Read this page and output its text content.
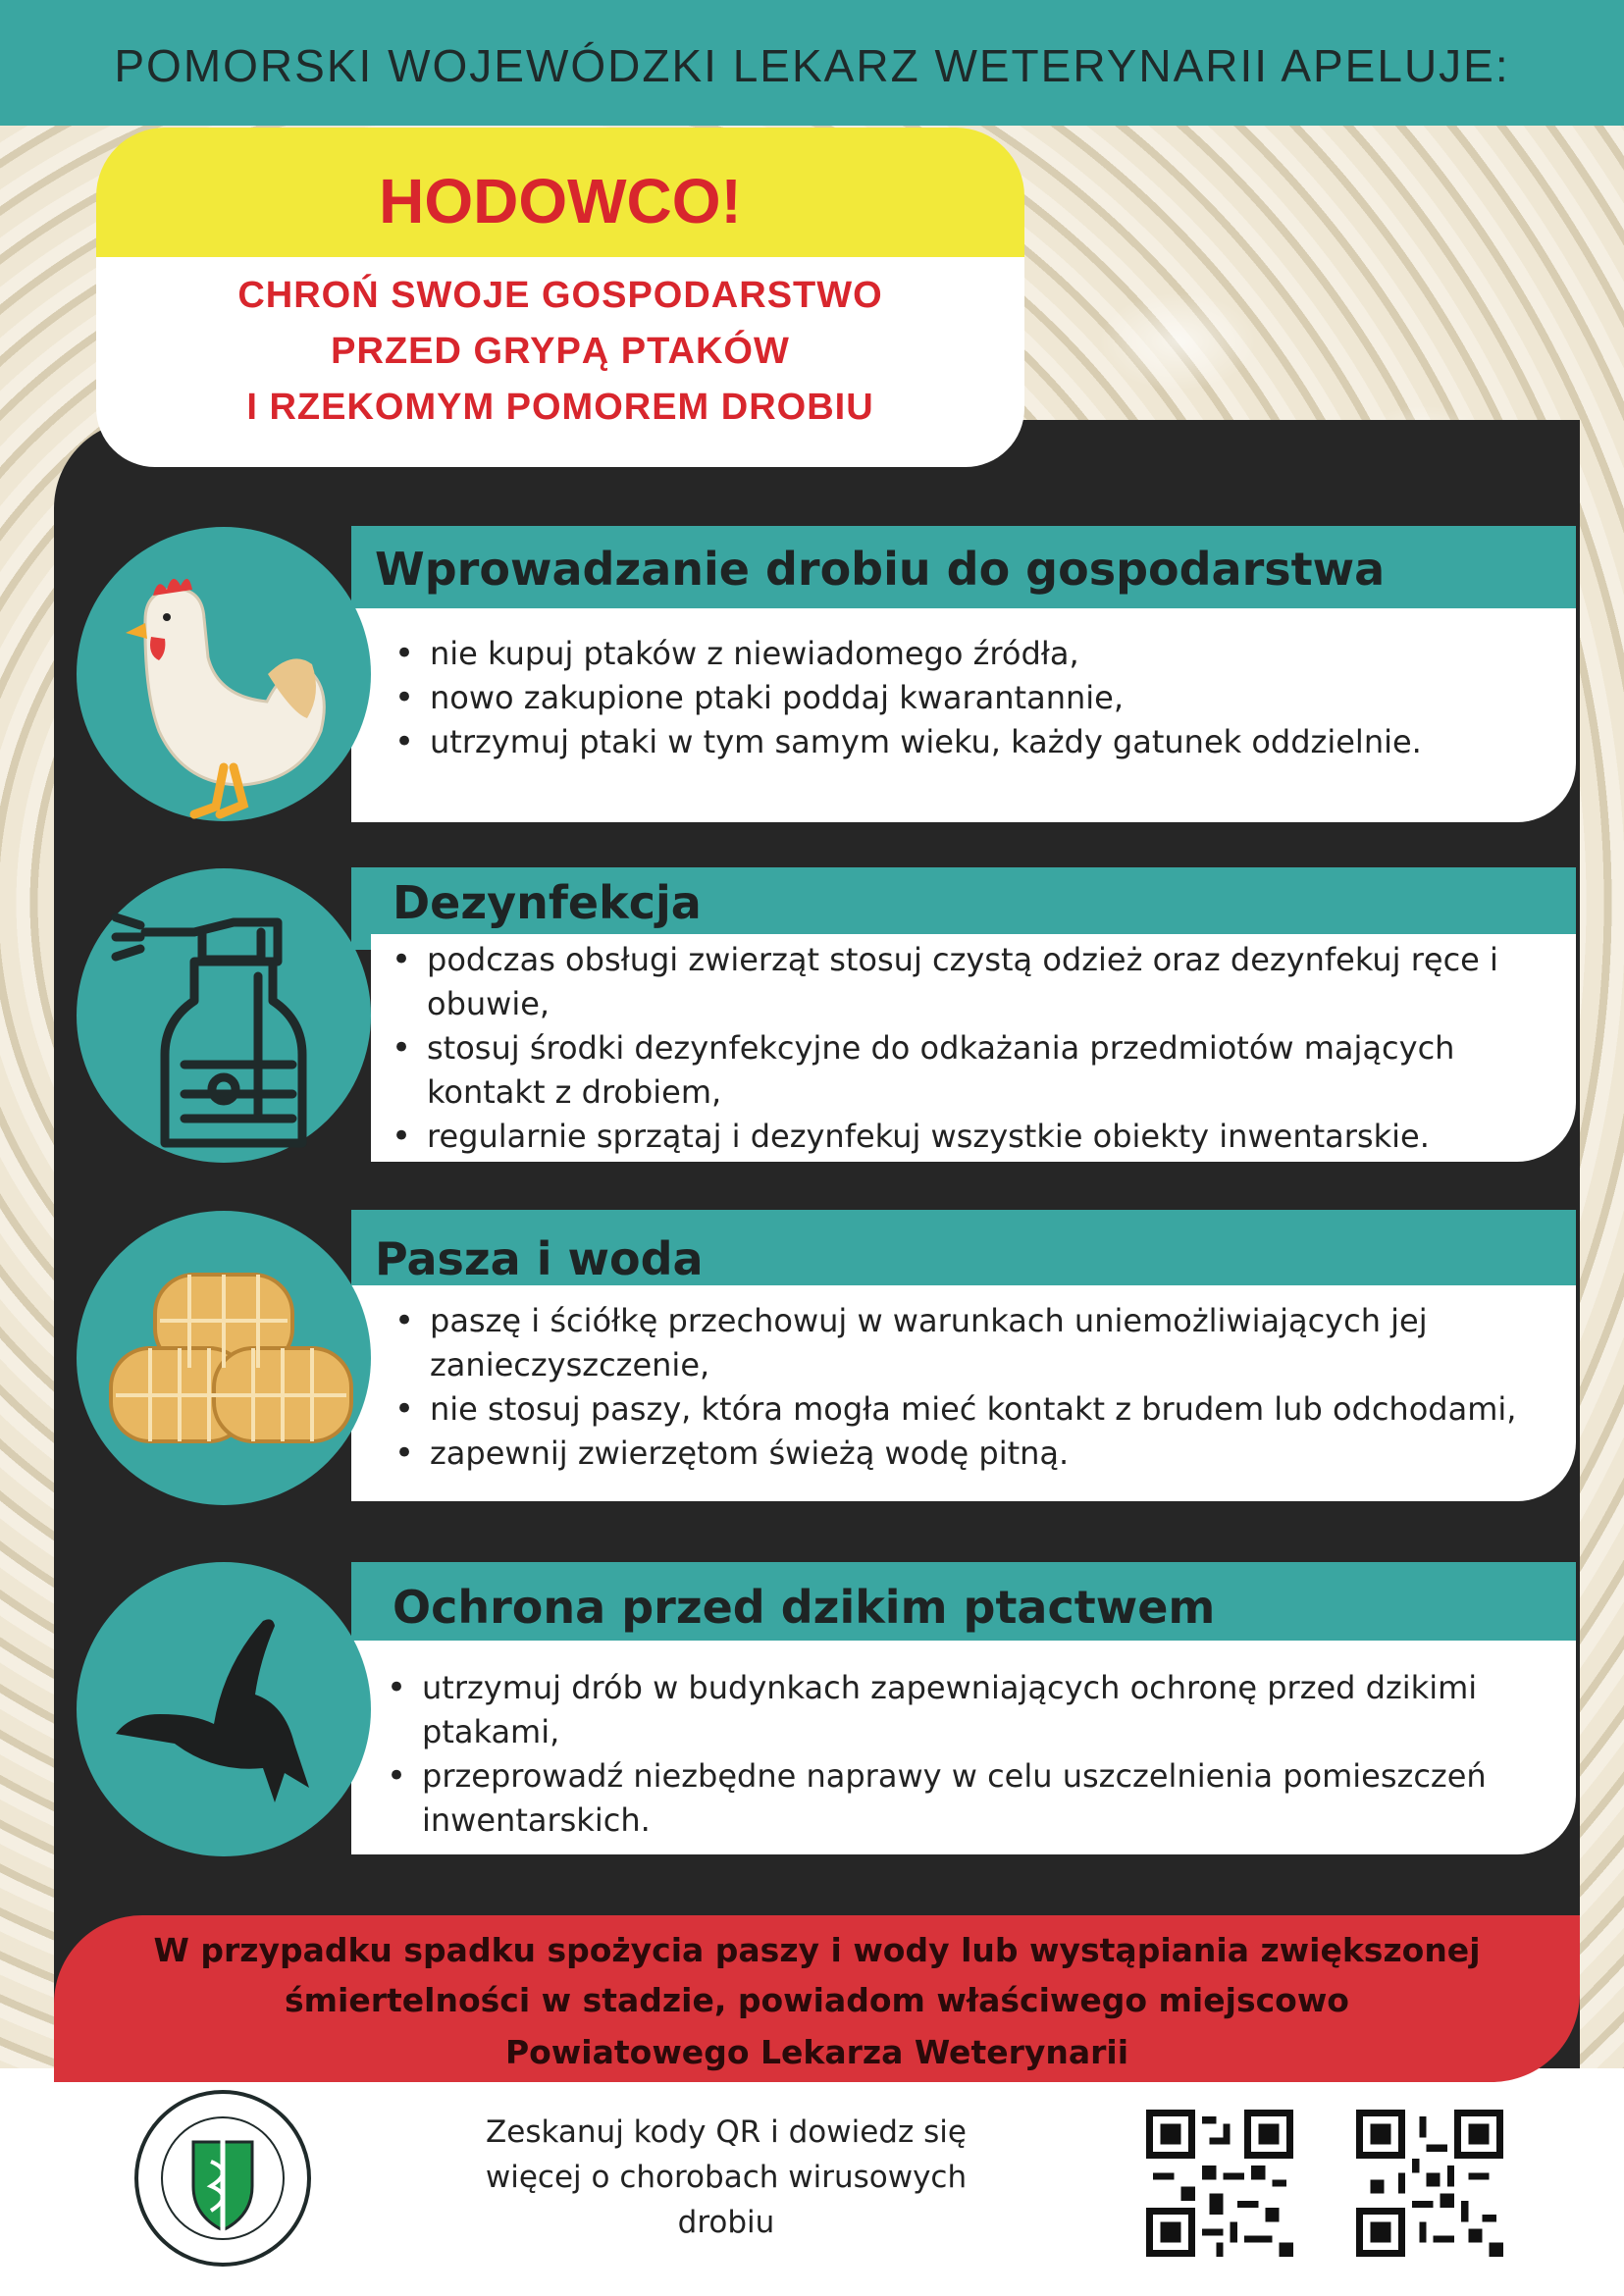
POMORSKI WOJEWÓDZKI LEKARZ WETERYNARII APELUJE:
HODOWCO!
CHROŃ SWOJE GOSPODARSTWO
PRZED GRYPĄ PTAKÓW
I RZEKOMYM POMOREM DROBIU
Wprowadzanie drobiu do gospodarstwa
• nie kupuj ptaków z niewiadomego źródła,
• nowo zakupione ptaki poddaj kwarantannie,
• utrzymuj ptaki w tym samym wieku, każdy gatunek oddzielnie.
Dezynfekcja
• podczas obsługi zwierząt stosuj czystą odzież oraz dezynfekuj ręce i obuwie,
• stosuj środki dezynfekcyjne do odkażania przedmiotów mających kontakt z drobiem,
• regularnie sprzątaj i dezynfekuj wszystkie obiekty inwentarskie.
Pasza i woda
• paszę i ściółkę przechowuj w warunkach uniemożliwiających jej zanieczyszczenie,
• nie stosuj paszy, która mogła mieć kontakt z brudem lub odchodami,
• zapewnij zwierzętom świeżą wodę pitną.
Ochrona przed dzikim ptactwem
• utrzymuj drób w budynkach zapewniających ochronę przed dzikimi ptakami,
• przeprowadź niezbędne naprawy w celu uszczelnienia pomieszczeń inwentarskich.
W przypadku spadku spożycia paszy i wody lub wystąpiania zwiększonej
śmiertelności w stadzie, powiadom właściwego miejscowo
Powiatowego Lekarza Weterynarii
Zeskanuj kody QR i dowiedz się
więcej o chorobach wirusowych
drobiu
